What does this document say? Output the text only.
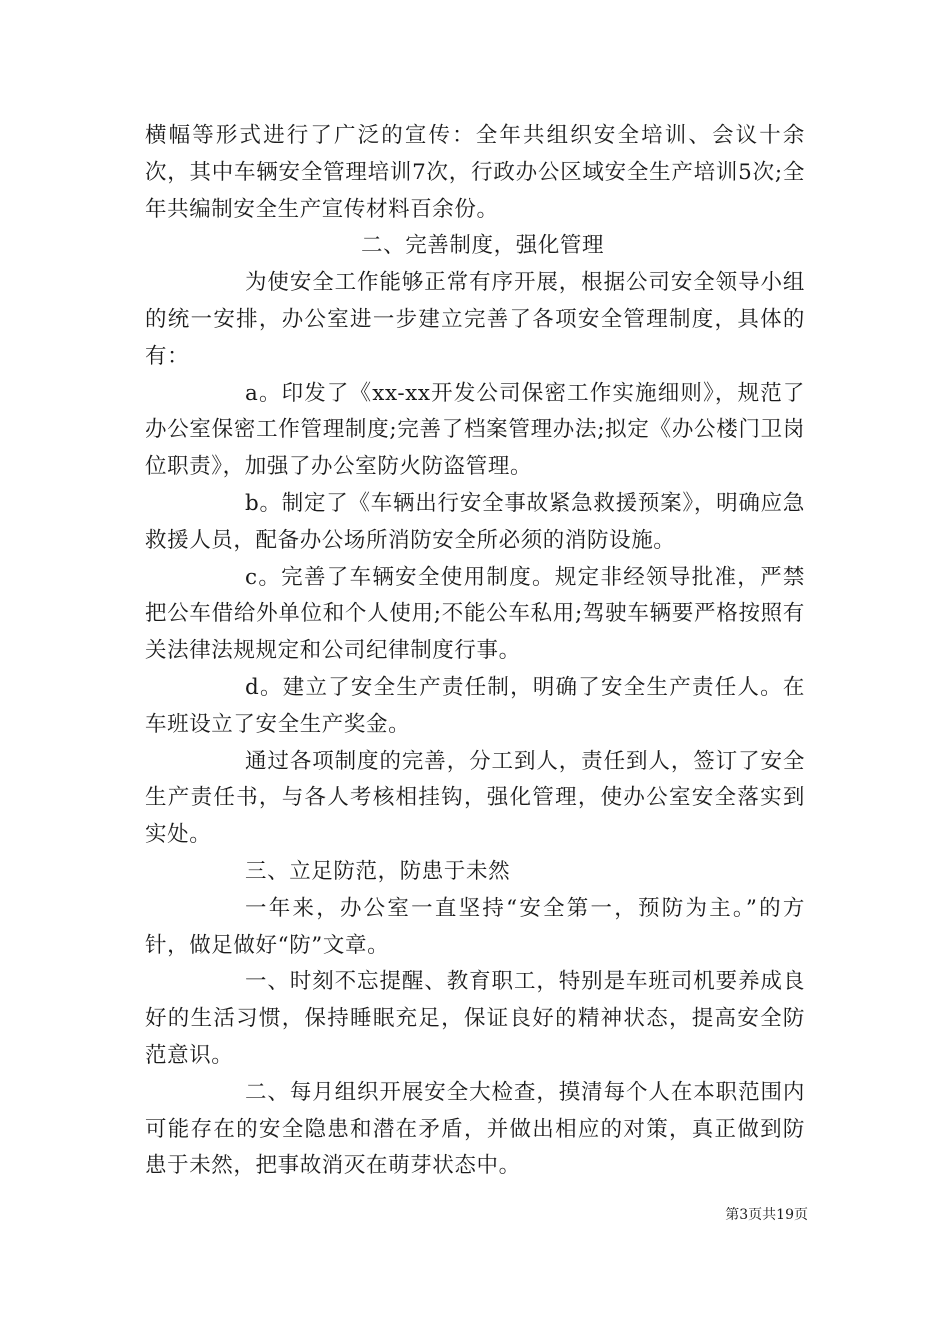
横幅等形式进行了广泛的宣传：全年共组织安全培训、会议十余次，其中车辆安全管理培训7次，行政办公区域安全生产培训5次;全年共编制安全生产宣传材料百余份。

二、完善制度，强化管理

为使安全工作能够正常有序开展，根据公司安全领导小组的统一安排，办公室进一步建立完善了各项安全管理制度，具体的有：

a。印发了《xx-xx开发公司保密工作实施细则》，规范了办公室保密工作管理制度;完善了档案管理办法;拟定《办公楼门卫岗位职责》，加强了办公室防火防盗管理。

b。制定了《车辆出行安全事故紧急救援预案》，明确应急救援人员，配备办公场所消防安全所必须的消防设施。

c。完善了车辆安全使用制度。规定非经领导批准，严禁把公车借给外单位和个人使用;不能公车私用;驾驶车辆要严格按照有关法律法规规定和公司纪律制度行事。

d。建立了安全生产责任制，明确了安全生产责任人。在车班设立了安全生产奖金。

通过各项制度的完善，分工到人，责任到人，签订了安全生产责任书，与各人考核相挂钩，强化管理，使办公室安全落实到实处。

三、立足防范，防患于未然

一年来，办公室一直坚持“安全第一，预防为主。”的方针，做足做好“防”文章。

一、时刻不忘提醒、教育职工，特别是车班司机要养成良好的生活习惯，保持睡眠充足，保证良好的精神状态，提高安全防范意识。

二、每月组织开展安全大检查，摸清每个人在本职范围内可能存在的安全隐患和潜在矛盾，并做出相应的对策，真正做到防患于未然，把事故消灭在萌芽状态中。

第3页共19页
